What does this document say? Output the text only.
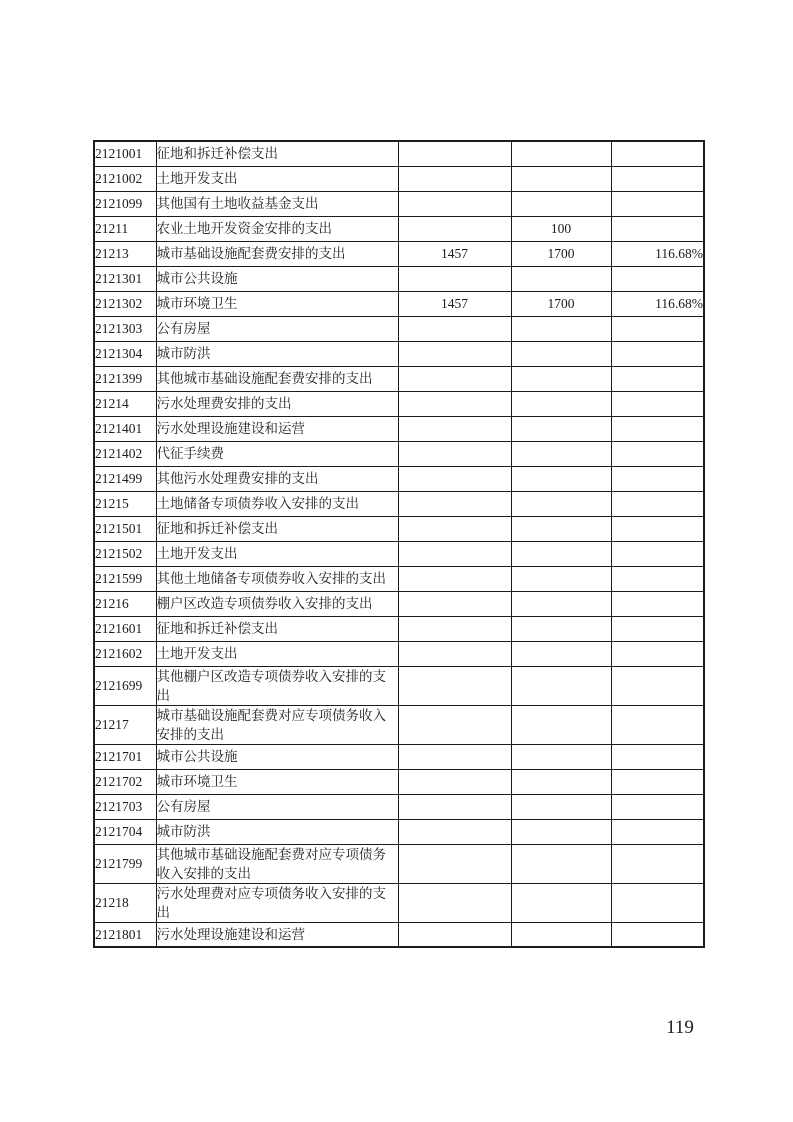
2121001	征地和拆迁补偿支出			
2121002	土地开发支出			
2121099	其他国有土地收益基金支出			
21211	农业土地开发资金安排的支出		100	
21213	城市基础设施配套费安排的支出	1457	1700	116.68%
2121301	城市公共设施			
2121302	城市环境卫生	1457	1700	116.68%
2121303	公有房屋			
2121304	城市防洪			
2121399	其他城市基础设施配套费安排的支出			
21214	污水处理费安排的支出			
2121401	污水处理设施建设和运营			
2121402	代征手续费			
2121499	其他污水处理费安排的支出			
21215	土地储备专项债券收入安排的支出			
2121501	征地和拆迁补偿支出			
2121502	土地开发支出			
2121599	其他土地储备专项债券收入安排的支出			
21216	棚户区改造专项债券收入安排的支出			
2121601	征地和拆迁补偿支出			
2121602	土地开发支出			
2121699	其他棚户区改造专项债券收入安排的支出			
21217	城市基础设施配套费对应专项债务收入安排的支出			
2121701	城市公共设施			
2121702	城市环境卫生			
2121703	公有房屋			
2121704	城市防洪			
2121799	其他城市基础设施配套费对应专项债务收入安排的支出			
21218	污水处理费对应专项债务收入安排的支出			
2121801	污水处理设施建设和运营			
119
